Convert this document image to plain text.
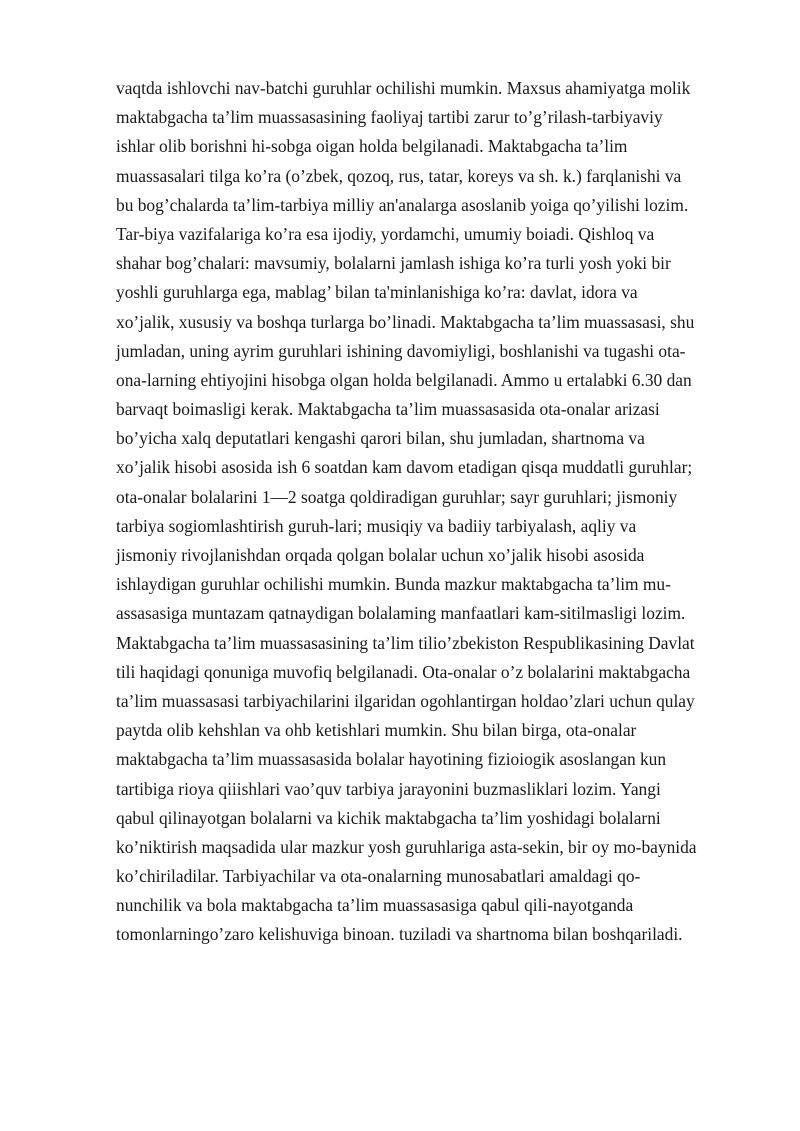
vaqtda ishlovchi nav-batchi guruhlar ochilishi mumkin. Maxsus ahamiyatga molik
maktabgacha ta’lim muassasasining faoliyaj tartibi zarur to’g’rilash-tarbiyaviy
ishlar olib borishni hi-sobga oigan holda belgilanadi. Maktabgacha ta’lim
muassasalari tilga ko’ra (o’zbek, qozoq, rus, tatar, koreys va sh. k.) farqlanishi va
bu bog’chalarda ta’lim-tarbiya milliy an'analarga asoslanib yoiga qo’yilishi lozim.
Tar-biya vazifalariga ko’ra esa ijodiy, yordamchi, umumiy boiadi. Qishloq va
shahar bog’chalari: mavsumiy, bolalarni jamlash ishiga ko’ra turli yosh yoki bir
yoshli guruhlarga ega, mablag’ bilan ta'minlanishiga ko’ra: davlat, idora va
xo’jalik, xususiy va boshqa turlarga bo’linadi. Maktabgacha ta’lim muassasasi, shu
jumladan, uning ayrim guruhlari ishining davomiyligi, boshlanishi va tugashi ota-
ona-larning ehtiyojini hisobga olgan holda belgilanadi. Ammo u ertalabki 6.30 dan
barvaqt boimasligi kerak. Maktabgacha ta’lim muassasasida ota-onalar arizasi
bo’yicha xalq deputatlari kengashi qarori bilan, shu jumladan, shartnoma va
xo’jalik hisobi asosida ish 6 soatdan kam davom etadigan qisqa muddatli guruhlar;
ota-onalar bolalarini 1—2 soatga qoldiradigan guruhlar; sayr guruhlari; jismoniy
tarbiya sogiomlashtirish guruh-lari; musiqiy va badiiy tarbiyalash, aqliy va
jismoniy rivojlanishdan orqada qolgan bolalar uchun xo’jalik hisobi asosida
ishlaydigan guruhlar ochilishi mumkin. Bunda mazkur maktabgacha ta’lim mu-
assasasiga muntazam qatnaydigan bolalaming manfaatlari kam-sitilmasligi lozim.
Maktabgacha ta’lim muassasasining ta’lim tilio’zbekiston Respublikasining Davlat
tili haqidagi qonuniga muvofiq belgilanadi. Ota-onalar o’z bolalarini maktabgacha
ta’lim muassasasi tarbiyachilarini ilgaridan ogohlantirgan holdao’zlari uchun qulay
paytda olib kehshlan va ohb ketishlari mumkin. Shu bilan birga, ota-onalar
maktabgacha ta’lim muassasasida bolalar hayotining fizioiogik asoslangan kun
tartibiga rioya qiiishlari vao’quv tarbiya jarayonini buzmasliklari lozim. Yangi
qabul qilinayotgan bolalarni va kichik maktabgacha ta’lim yoshidagi bolalarni
ko’niktirish maqsadida ular mazkur yosh guruhlariga asta-sekin, bir oy mo-baynida
ko’chiriladilar. Tarbiyachilar va ota-onalarning munosabatlari amaldagi qo-
nunchilik va bola maktabgacha ta’lim muassasasiga qabul qili-nayotganda
tomonlarningo’zaro kelishuviga binoan. tuziladi va shartnoma bilan boshqariladi.
